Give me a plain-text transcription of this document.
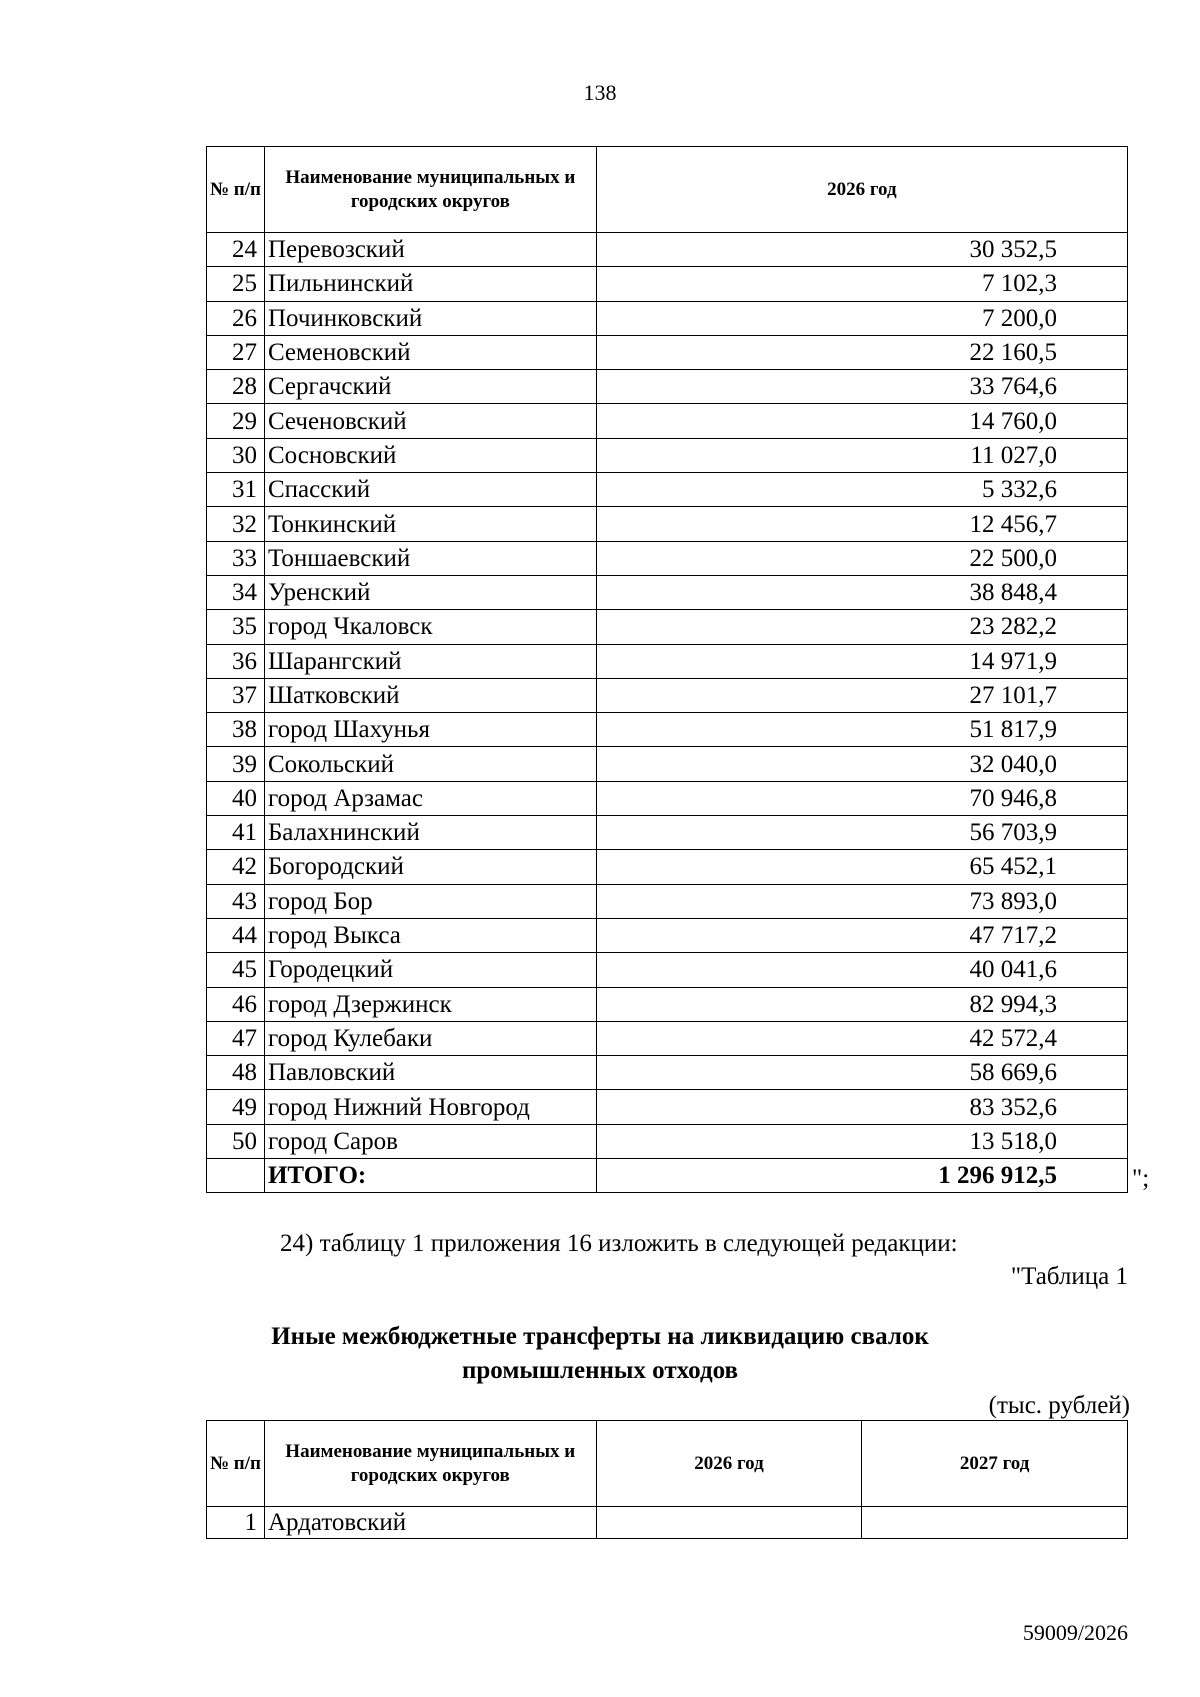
138
№ п/п	Наименование муниципальных и городских округов	2026 год
24	Перевозский	30 352,5
25	Пильнинский	7 102,3
26	Починковский	7 200,0
27	Семеновский	22 160,5
28	Сергачский	33 764,6
29	Сеченовский	14 760,0
30	Сосновский	11 027,0
31	Спасский	5 332,6
32	Тонкинский	12 456,7
33	Тоншаевский	22 500,0
34	Уренский	38 848,4
35	город Чкаловск	23 282,2
36	Шарангский	14 971,9
37	Шатковский	27 101,7
38	город Шахунья	51 817,9
39	Сокольский	32 040,0
40	город Арзамас	70 946,8
41	Балахнинский	56 703,9
42	Богородский	65 452,1
43	город Бор	73 893,0
44	город Выкса	47 717,2
45	Городецкий	40 041,6
46	город Дзержинск	82 994,3
47	город Кулебаки	42 572,4
48	Павловский	58 669,6
49	город Нижний Новгород	83 352,6
50	город Саров	13 518,0
	ИТОГО:	1 296 912,5	";
24) таблицу 1 приложения 16 изложить в следующей редакции:
"Таблица 1
Иные межбюджетные трансферты на ликвидацию свалок
промышленных отходов
(тыс. рублей)
№ п/п	Наименование муниципальных и городских округов	2026 год	2027 год
1	Ардатовский		
59009/2026
